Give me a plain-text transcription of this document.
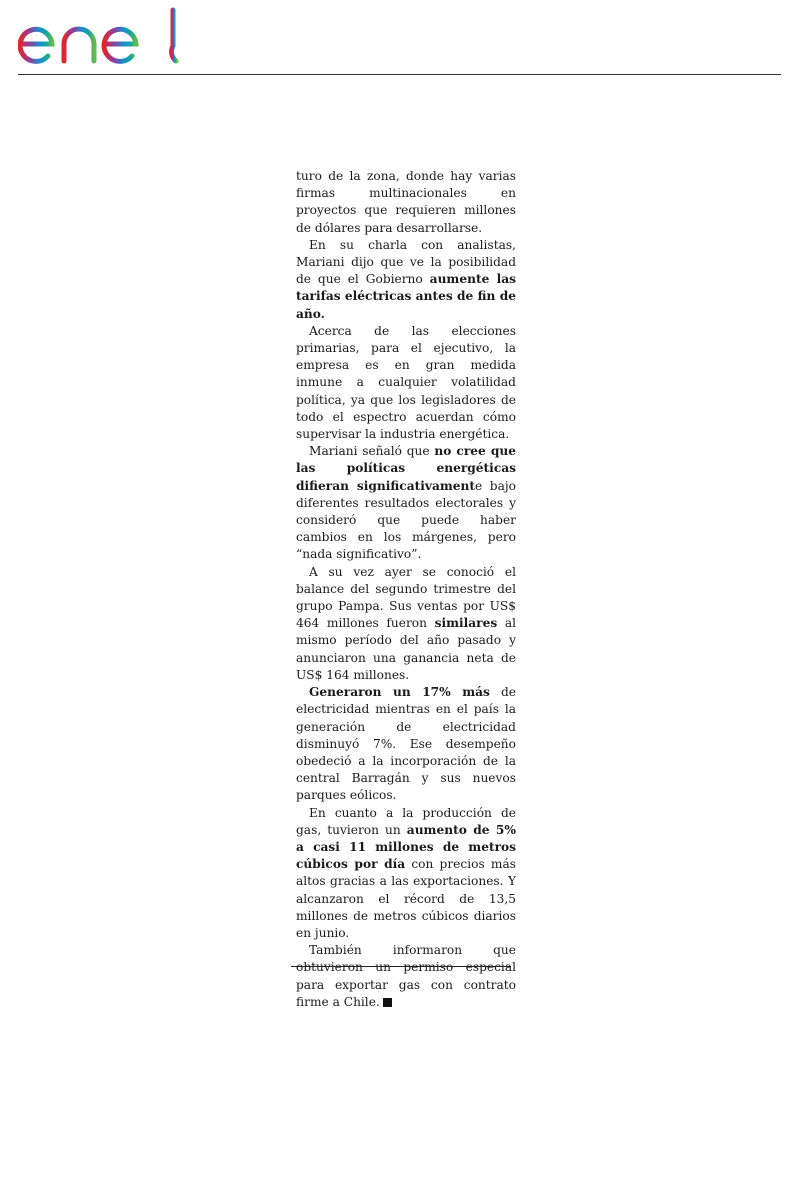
turo de la zona, donde hay varias firmas multinacionales en proyectos que requieren millones de dólares para desarrollarse.

En su charla con analistas, Mariani dijo que ve la posibilidad de que el Gobierno aumente las tarifas eléctricas antes de fin de año.

Acerca de las elecciones primarias, para el ejecutivo, la empresa es en gran medida inmune a cualquier volatilidad política, ya que los legisladores de todo el espectro acuerdan cómo supervisar la industria energética.

Mariani señaló que no cree que las políticas energéticas difieran significativamente bajo diferentes resultados electorales y consideró que puede haber cambios en los márgenes, pero “nada significativo”.

A su vez ayer se conoció el balance del segundo trimestre del grupo Pampa. Sus ventas por US$ 464 millones fueron similares al mismo período del año pasado y anunciaron una ganancia neta de US$ 164 millones.

Generaron un 17% más de electricidad mientras en el país la generación de electricidad disminuyó 7%. Ese desempeño obedeció a la incorporación de la central Barragán y sus nuevos parques eólicos.

En cuanto a la producción de gas, tuvieron un aumento de 5% a casi 11 millones de metros cúbicos por día con precios más altos gracias a las exportaciones. Y alcanzaron el récord de 13,5 millones de metros cúbicos diarios en junio.

También informaron que obtuvieron un permiso especial para exportar gas con contrato firme a Chile.
